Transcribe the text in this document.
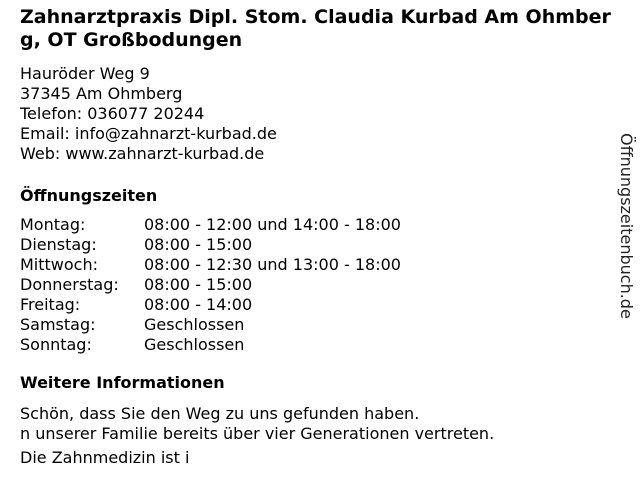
Zahnarztpraxis Dipl. Stom. Claudia Kurbad Am Ohmberg, OT Großbodungen
Hauröder Weg 9
37345 Am Ohmberg
Telefon: 036077 20244
Email: info@zahnarzt-kurbad.de
Web: www.zahnarzt-kurbad.de
Öffnungszeiten
Montag:	08:00 - 12:00 und 14:00 - 18:00
Dienstag:	08:00 - 15:00
Mittwoch:	08:00 - 12:30 und 13:00 - 18:00
Donnerstag:	08:00 - 15:00
Freitag:	08:00 - 14:00
Samstag:	Geschlossen
Sonntag:	Geschlossen
Weitere Informationen

Schön, dass Sie den Weg zu uns gefunden haben.

n unserer Familie bereits über vier Generationen vertreten.

Die Zahnmedizin ist i

Öffnungszeitenbuch.de
